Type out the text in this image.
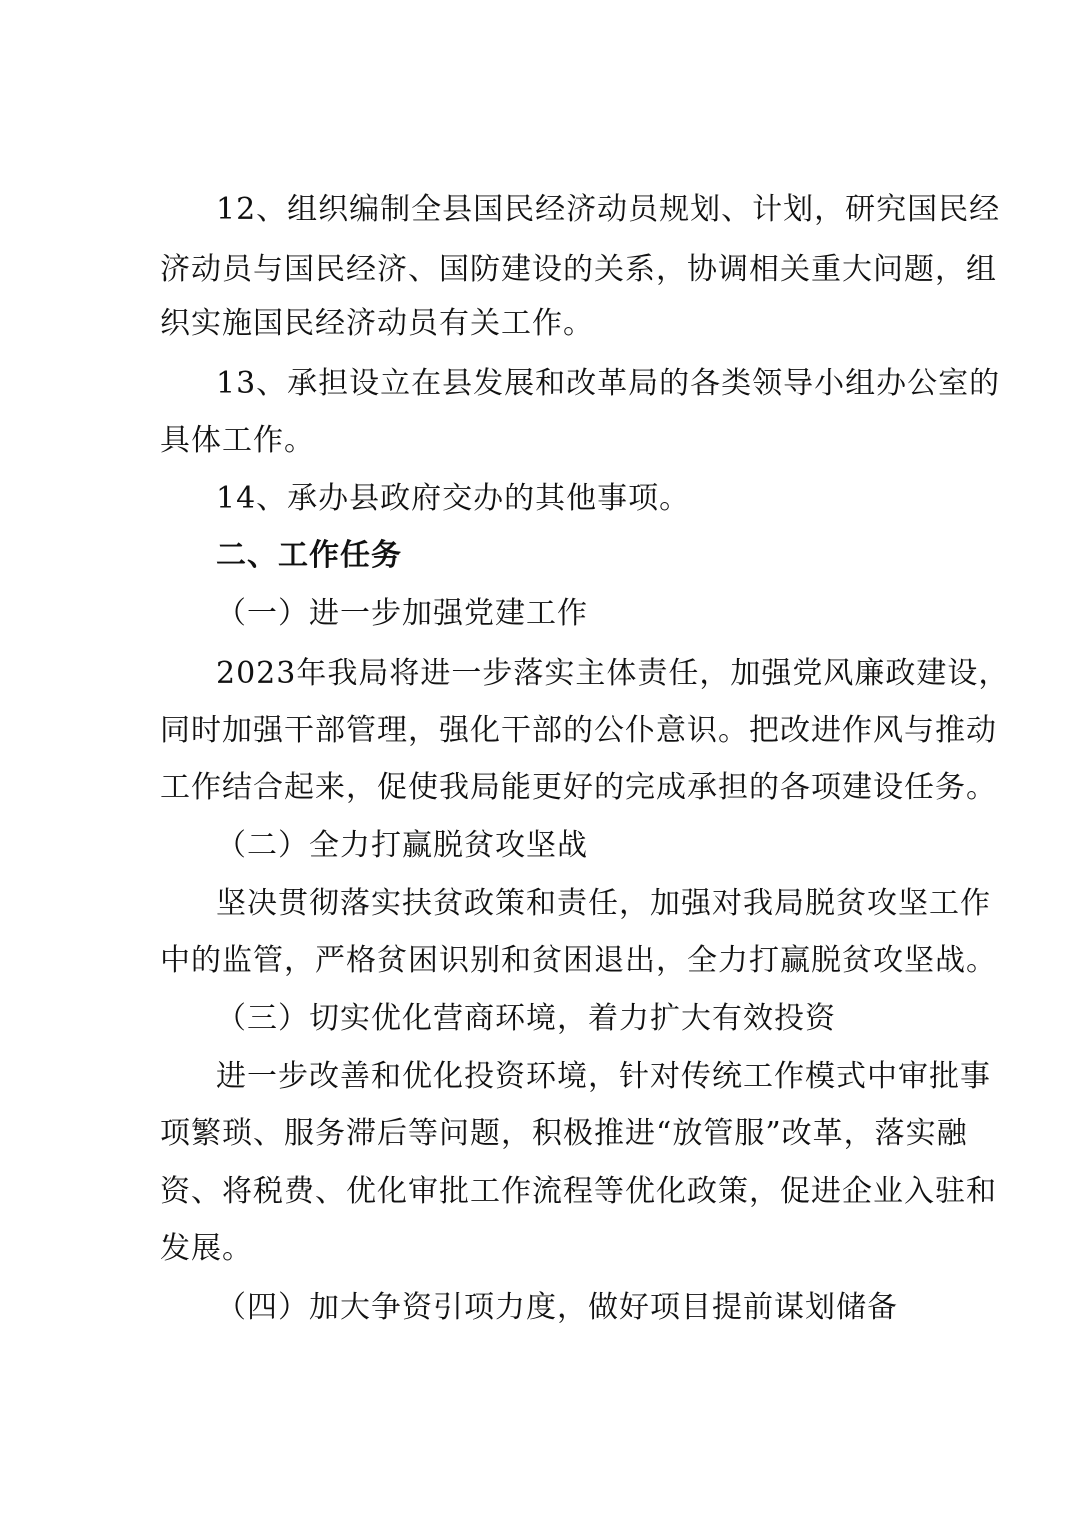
12、组织编制全县国民经济动员规划、计划，研究国民经
济动员与国民经济、国防建设的关系，协调相关重大问题，组
织实施国民经济动员有关工作。
13、承担设立在县发展和改革局的各类领导小组办公室的
具体工作。
14、承办县政府交办的其他事项。
二、工作任务
（一）进一步加强党建工作
2023年我局将进一步落实主体责任，加强党风廉政建设，
同时加强干部管理，强化干部的公仆意识。把改进作风与推动
工作结合起来，促使我局能更好的完成承担的各项建设任务。
（二）全力打赢脱贫攻坚战
坚决贯彻落实扶贫政策和责任，加强对我局脱贫攻坚工作
中的监管，严格贫困识别和贫困退出，全力打赢脱贫攻坚战。
（三）切实优化营商环境，着力扩大有效投资
进一步改善和优化投资环境，针对传统工作模式中审批事
项繁琐、服务滞后等问题，积极推进“放管服”改革，落实融
资、将税费、优化审批工作流程等优化政策，促进企业入驻和
发展。
（四）加大争资引项力度，做好项目提前谋划储备
